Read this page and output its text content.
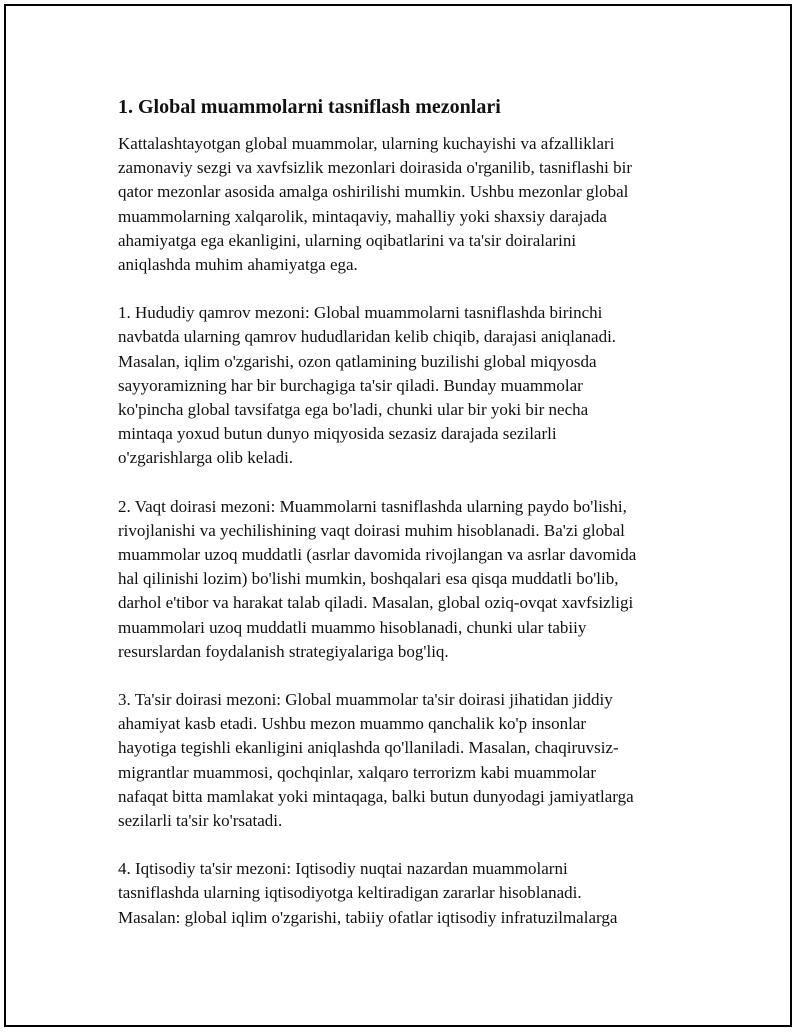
1. Global muammolarni tasniflash mezonlari

Kattalashtayotgan global muammolar, ularning kuchayishi va afzalliklari
zamonaviy sezgi va xavfsizlik mezonlari doirasida o'rganilib, tasniflashi bir
qator mezonlar asosida amalga oshirilishi mumkin. Ushbu mezonlar global
muammolarning xalqarolik, mintaqaviy, mahalliy yoki shaxsiy darajada
ahamiyatga ega ekanligini, ularning oqibatlarini va ta'sir doiralarini
aniqlashda muhim ahamiyatga ega.

1. Hududiy qamrov mezoni: Global muammolarni tasniflashda birinchi
navbatda ularning qamrov hududlaridan kelib chiqib, darajasi aniqlanadi.
Masalan, iqlim o'zgarishi, ozon qatlamining buzilishi global miqyosda
sayyoramizning har bir burchagiga ta'sir qiladi. Bunday muammolar
ko'pincha global tavsifatga ega bo'ladi, chunki ular bir yoki bir necha
mintaqa yoxud butun dunyo miqyosida sezasiz darajada sezilarli
o'zgarishlarga olib keladi.

2. Vaqt doirasi mezoni: Muammolarni tasniflashda ularning paydo bo'lishi,
rivojlanishi va yechilishining vaqt doirasi muhim hisoblanadi. Ba'zi global
muammolar uzoq muddatli (asrlar davomida rivojlangan va asrlar davomida
hal qilinishi lozim) bo'lishi mumkin, boshqalari esa qisqa muddatli bo'lib,
darhol e'tibor va harakat talab qiladi. Masalan, global oziq-ovqat xavfsizligi
muammolari uzoq muddatli muammo hisoblanadi, chunki ular tabiiy
resurslardan foydalanish strategiyalariga bog'liq.

3. Ta'sir doirasi mezoni: Global muammolar ta'sir doirasi jihatidan jiddiy
ahamiyat kasb etadi. Ushbu mezon muammo qanchalik ko'p insonlar
hayotiga tegishli ekanligini aniqlashda qo'llaniladi. Masalan, chaqiruvsiz-
migrantlar muammosi, qochqinlar, xalqaro terrorizm kabi muammolar
nafaqat bitta mamlakat yoki mintaqaga, balki butun dunyodagi jamiyatlarga
sezilarli ta'sir ko'rsatadi.

4. Iqtisodiy ta'sir mezoni: Iqtisodiy nuqtai nazardan muammolarni
tasniflashda ularning iqtisodiyotga keltiradigan zararlar hisoblanadi.
Masalan: global iqlim o'zgarishi, tabiiy ofatlar iqtisodiy infratuzilmalarga
